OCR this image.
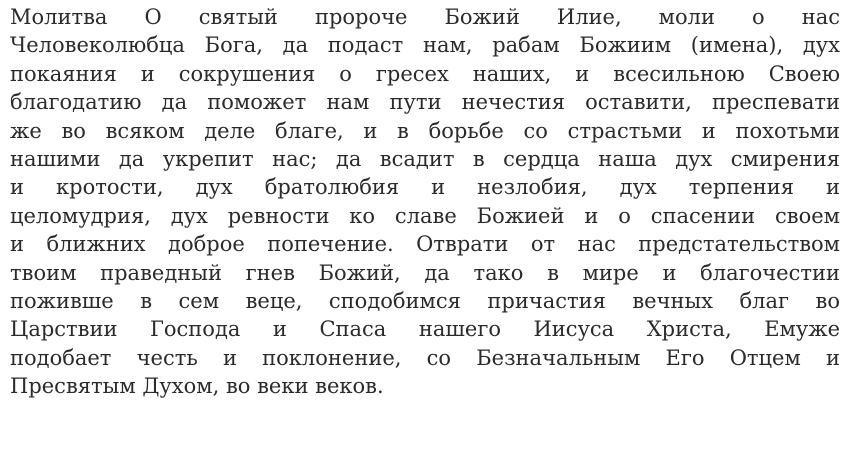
Молитва О святый пророче Божий Илие, моли о нас
Человеколюбца Бога, да подаст нам, рабам Божиим (имена), дух
покаяния и сокрушения о гресех наших, и всесильною Своею
благодатию да поможет нам пути нечестия оставити, преспевати
же во всяком деле благе, и в борьбе со страстьми и похотьми
нашими да укрепит нас; да всадит в сердца наша дух смирения
и кротости, дух братолюбия и незлобия, дух терпения и
целомудрия, дух ревности ко славе Божией и о спасении своем
и ближних доброе попечение. Отврати от нас предстательством
твоим праведный гнев Божий, да тако в мире и благочестии
поживше в сем веце, сподобимся причастия вечных благ во
Царствии Господа и Спаса нашего Иисуса Христа, Емуже
подобает честь и поклонение, со Безначальным Его Отцем и
Пресвятым Духом, во веки веков.
